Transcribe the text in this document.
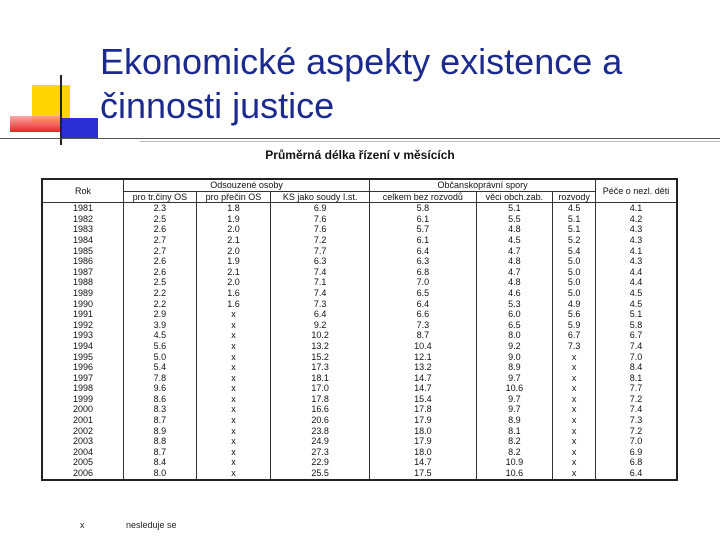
Ekonomické aspekty existence a činnosti justice
Průměrná délka řízení v měsících
Rok	Odsouzené osoby			Občanskoprávní spory			Péče o nezl. děti
	pro tr.činy OS	pro přečin OS	KS jako soudy I.st.	celkem bez rozvodů	věci obch.zab.	rozvody	
1981	2.3	1.8	6.9	5.8	5.1	4.5	4.1
1982	2.5	1.9	7.6	6.1	5.5	5.1	4.2
1983	2.6	2.0	7.6	5.7	4.8	5.1	4.3
1984	2.7	2.1	7.2	6.1	4.5	5.2	4.3
1985	2.7	2.0	7.7	6.4	4.7	5.4	4.1
1986	2.6	1.9	6.3	6.3	4.8	5.0	4.3
1987	2.6	2.1	7.4	6.8	4.7	5.0	4.4
1988	2.5	2.0	7.1	7.0	4.8	5.0	4.4
1989	2.2	1.6	7.4	6.5	4.6	5.0	4.5
1990	2.2	1.6	7.3	6.4	5.3	4.9	4.5
1991	2.9	x	6.4	6.6	6.0	5.6	5.1
1992	3.9	x	9.2	7.3	6.5	5.9	5.8
1993	4.5	x	10.2	8.7	8.0	6.7	6.7
1994	5.6	x	13.2	10.4	9.2	7.3	7.4
1995	5.0	x	15.2	12.1	9.0	x	7.0
1996	5.4	x	17.3	13.2	8.9	x	8.4
1997	7.8	x	18.1	14.7	9.7	x	8.1
1998	9.6	x	17.0	14.7	10.6	x	7.7
1999	8.6	x	17.8	15.4	9.7	x	7.2
2000	8.3	x	16.6	17.8	9.7	x	7.4
2001	8.7	x	20.6	17.9	8.9	x	7.3
2002	8.9	x	23.8	18.0	8.1	x	7.2
2003	8.8	x	24.9	17.9	8.2	x	7.0
2004	8.7	x	27.3	18.0	8.2	x	6.9
2005	8.4	x	22.9	14.7	10.9	x	6.8
2006	8.0	x	25.5	17.5	10.6	x	6.4
x	nesleduje se
